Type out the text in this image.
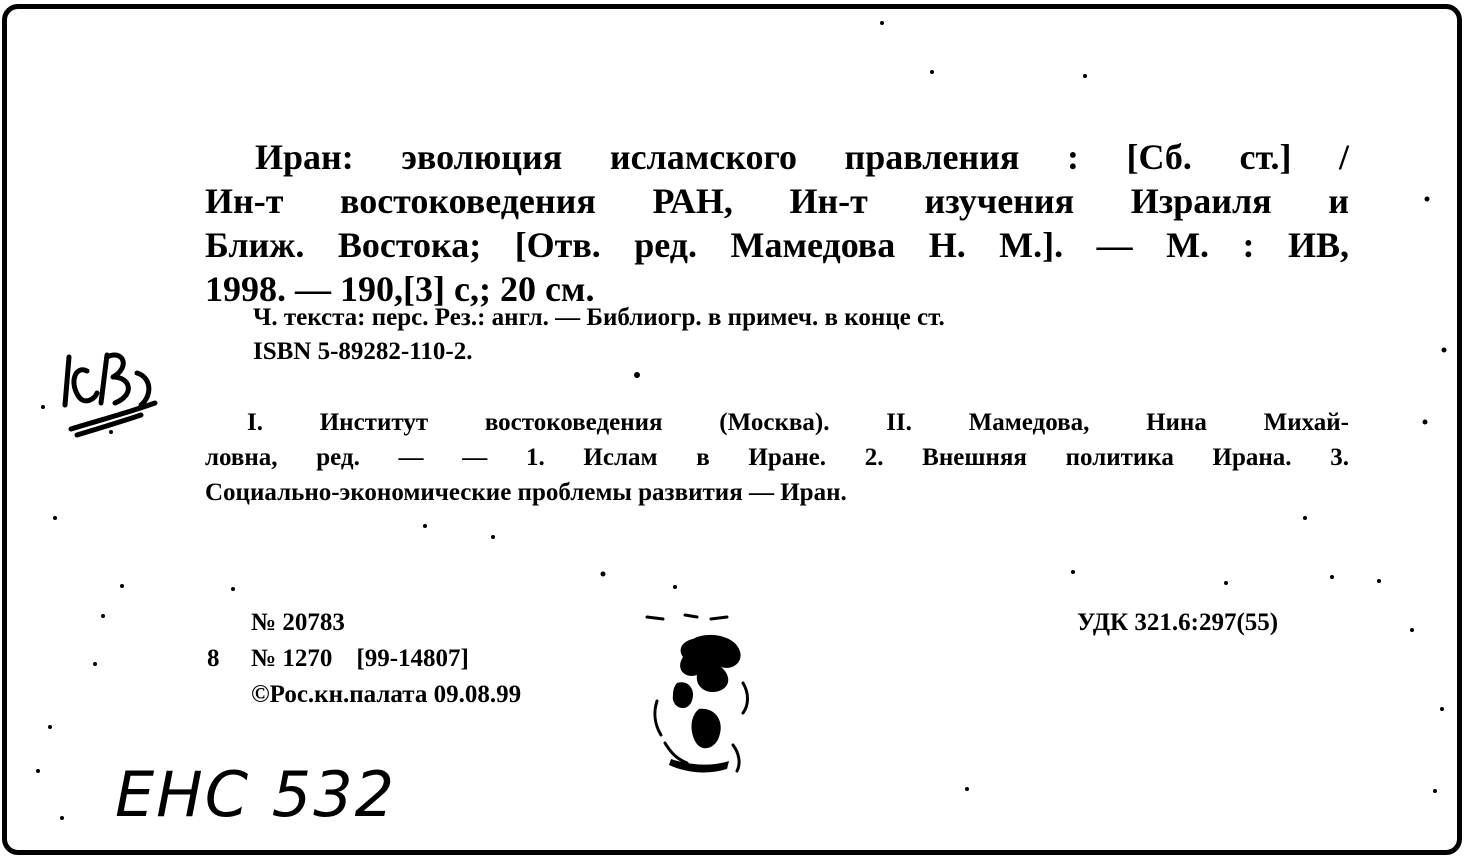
Иран: эволюция исламского правления : [Сб. ст.] /
Ин-т востоковедения РАН, Ин-т изучения Израиля и
Ближ. Востока; [Отв. ред. Мамедова Н. М.]. — М. : ИВ,
1998. — 190,[3] с,; 20 см.
Ч. текста: перс. Рез.: англ. — Библиогр. в примеч. в конце ст.
ISBN 5-89282-110-2.
I. Институт востоковедения (Москва). II. Мамедова, Нина Михай-
ловна, ред. — — 1. Ислам в Иране. 2. Внешняя политика Ирана. 3.
Социально-экономические проблемы развития — Иран.
№ 20783
8 № 1270 [99-14807]
©Рос.кн.палата 09.08.99
УДК 321.6:297(55)
ЕНС 532
